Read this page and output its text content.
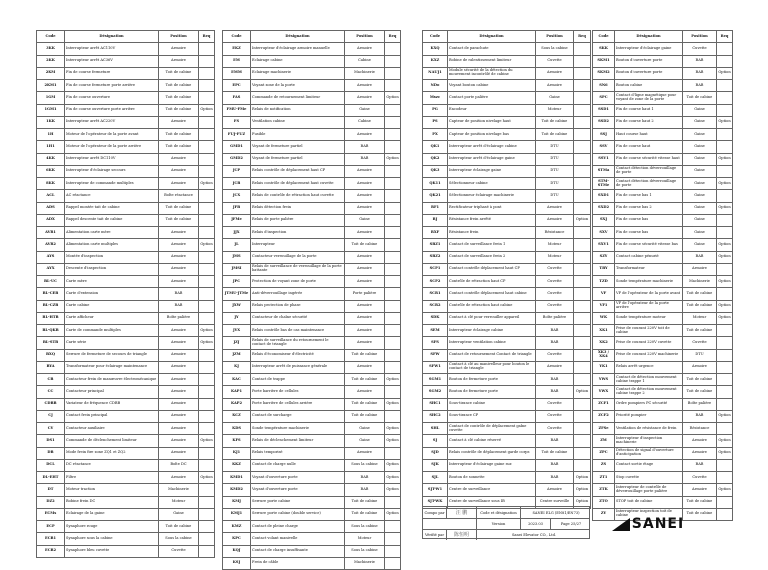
Code	Désignation	Position	Req
3KK	Interrupteur arrêt AC110V	Armoire	
2KK	Interrupteur arrêt AC36V	Armoire	
2KM	Fin de course fermeture	Toit de cabine	
2KM1	Fin de course fermeture porte arrière	Toit de cabine	
1GM	Fin de course ouverture	Toit de cabine	
1GM1	Fin de course ouverture porte arrière	Toit de cabine	Option
1KK	Interrupteur arrêt AC220V	Armoire	
1H	Moteur de l'opérateur de la porte avant	Toit de cabine	
1H1	Moteur de l'opérateur de la porte arrière	Toit de cabine	
4KK	Interrupteur arrêt DC110V	Armoire	
6KK	Interrupteur d'éclairage secours	Armoire	
8KK	Interrupteur de commande multiples	Armoire	Option
ACL	AC réactance	Boîte réactance	
ADS	Rappel montée tait de cabine	Toit de cabine	
ADX	Rappel descente tait de cabine	Toit de cabine	
AVR1	Alimentation carte mère	Armoire	
AVR2	Alimentation carte multiples	Armoire	Option
AYS	Montée d'inspection	Armoire	
AYX	Descente d'inspection	Armoire	
BL-UC	Carte mère	Armoire	
BL-CEB	Carte d'extension	BAB	
BL-CZB	Carte cabine	BAB	
BL-HTB	Carte afficheur	Boîte palière	
BL-QKB	Carte de commande multiples	Armoire	Option
BL-STB	Carte série	Armoire	Option
BXQ	Serrure de fermeture de secours de triangle	Armoire	
BYA	Transformateur pour éclairage maintenance	Armoire	
CB	Contacteur frein de manœuvre électromécanique	Armoire	
CC	Contacteur principal	Armoire	
CDBB	Variateur de fréquence CDBB	Armoire	
CJ	Contact frein principal	Armoire	
CY	Contacteur auxiliaire	Armoire	
DS1	Commande de déclenchement limiteur	Armoire	Option
DB	Mode frein fire zone ZQ1 et ZQ2	Armoire	
DCL	DC réactance	Boîte DC	
DL-EHT	Filtre	Armoire	Option
DT	Moteur traction	Machinerie	
DZ2	Bobine frein DC	Moteur	
ECMs	Eclairage de la gaine	Gaine	
ECP	Synaphore rouge	Toit de cabine	
ECR1	Synaphore sous la cabine	Sous la cabine	
ECR2	Synaphore bleu cuvette	Cuvette	
Code	Désignation	Position	Req
EKZ	Interrupteur d'éclairage armoire manuelle	Armoire	
EM	Eclairage cabine	Cabine	
EMM	Eclairage machinerie	Machinerie	
EPC	Voyant zone de la porte	Armoire	
FAS	Commande de retournement limiteur	Armoire	Option
FMU-FMe	Relais de notification	Gaine	
FS	Ventilation cabine	Cabine	
FUJ-FUZ	Fusible	Armoire	
GMD1	Voyant de fermeture partiel	BAB	
GMD2	Voyant de fermeture partiel	BAB	Option
JCP	Relais contrôle de déplacement haut CP	Armoire	
JCB	Relais contrôle de déplacement haut cuvette	Armoire	
JCX	Relais de contrôle de rétraction haut cuvette	Armoire	
JFB	Relais détection frein	Armoire	
JFMe	Relais de porte palière	Gaine	
JJX	Relais d'inspection	Armoire	
JL	Interrupteur	Toit de cabine	
JMS	Contacteur verrouillage de la porte	Armoire	
JMSI	Relais de surveillance de verrouillage de la porte battante	Armoire	
JPC	Protection de voyant zone de porte	Armoire	
JTMU-JTMe	Anti-déverrouillage ingérée	Porte palière	
JXW	Relais protection de phase	Armoire	
JY	Contacteur de chaîne sécurité	Armoire	
JYX	Relais contrôle bas de cas maintenance	Armoire	
JZJ	Relais de surveillance du retournement le contact de triangle	Armoire	
JZM	Relais d'économiseur d'électricité	Toit de cabine	
KJ	Interrupteur arrêt de puissance générale	Armoire	
KAC	Contact de trappe	Toit de cabine	Option
KAP1	Porte barrière de cellules	Armoire	
KAP2	Porte barrière de cellules arrière	Toit de cabine	Option
KCZ	Contact de surcharge	Toit de cabine	
KDS	Sonde température machinerie	Gaine	Option
KFS	Relais de déclenchement limiteur	Gaine	Option
KJ1	Relais temporisé	Armoire	
KKZ	Contact de charge nulle	Sous la cabine	Option
KMD1	Voyant d'ouverture porte	BAB	Option
KMD2	Voyant d'ouverture porte	BAB	Option
KMJ	Serrure porte cabine	Toit de cabine	
KMJ1	Serrure porte cabine (double service)	Toit de cabine	Option
KMZ	Contact de pleine charge	Sous la cabine	
KPC	Contact volant manivelle	Moteur	
KQJ	Contact de charge insuffisante	Sous la cabine	
KSJ	Frein de câble	Machinerie	
Code	Désignation	Position	Req
KXQ	Contact de parachute	Sous la cabine	
KXZ	Bobine de ralentissement limiteur	Cuvette	
NAUJ1	Module sécurité de la détection du mouvement incontrôlé de cabine	Armoire	
NDo	Voyant bouton cabine	Armoire	
Mxzc	Contact porte palière	Gaine	
PG	Encodeur	Moteur	
PS	Capteur de position nivelage haut	Toit de cabine	
PX	Capteur de position nivelage bas	Toit de cabine	
QK1	Interrupteur arrêt d'éclairage cabine	DTU	
QK2	Interrupteur arrêt d'éclairage gaine	DTU	
QK3	Interrupteur éclairage gaine	DTU	
QK11	Sélectionneur cabine	DTU	
QK21	Sélectionneur éclairage machinerie	DTU	
RF1	Rectificateur triphasé à pont	Armoire	
RJ	Résistance frein arrêté	Armoire	Option
RXF	Résistance frein	Résistance	
SBZ1	Contact de surveillance frein 1	Moteur	
SBZ2	Contact de surveillance frein 2	Moteur	
SCP1	Contact contrôle déplacement haut CP	Cuvette	
SCP2	Contrôle de rétraction haut CP	Cuvette	
SCR1	Contact contrôle déplacement haut cabine	Cuvette	
SCR2	Contrôle de rétraction haut cabine	Cuvette	
SDK	Contact à clé pour verrouiller appareil	Boîte palière	
SEM	Interrupteur éclairage cabine	BAB	
SFS	Interrupteur ventilation cabine	BAB	
SFW	Contact de retournement Contact de triangle	Cuvette	
SFW1	Contact à clé au manivelleur pour bouton le contact de triangle	Armoire	
SGM1	Bouton de fermeture porte	BAB	
SGM2	Bouton de fermeture porte	BAB	Option
SHC1	Sous-tirance cabine	Cuvette	
SHC2	Sous-tirance CP	Cuvette	
SHL	Contact de contrôle de déplacement gaîne cuvette	Cuvette	
SJ	Contact à clé cabine réservé	BAB	
SJD	Relais contrôle de déplacement garde corps	Toit de cabine	
SJK	Interrupteur d'éclairage gaine sur.	BAB	
SJL	Bouton de sonnette	BAB	Option
SJT-W1	Centre de surveillance	Armoire	Option
SJT-WK	Centre de surveillance sous IB	Centre surveille	Option
Code	Désignation	Position	Req
SKK	Interrupteur d'éclairage gaine	Cuvette	
SKM1	Bouton d'ouverture porte	BAB	
SKM2	Bouton d'ouverture porte	BAB	Option
SN6	Bouton cabine	BAB	
SPC	Contact d'ligne magnétique pour voyant de zone de la porte	Toit de cabine	
SSD1	Fin de course haut 1	Gaine	
SSD2	Fin de course haut 2	Gaine	Option
SSJ	Haut course haut	Gaine	
SSV	Fin de course haut	Gaine	
SSV1	Fin de course sécurité vitesse haut	Gaine	Option
STMa	Contact détection déverrouillage de porte	Gaine	
STM-STMe	Contact détection déverrouillage de porte	Gaine	Option
SXD1	Fin de course bas 1	Gaine	
SXD2	Fin de course bas 2	Gaine	Option
SXJ	Fin de course bas	Gaine	
SXV	Fin de course bas	Gaine	
SXV1	Fin de course sécurité vitesse bas	Gaine	Option
SZY	Contact cabine pénurié	BAB	Option
TBY	Transformateur	Armoire	
TZD	Sonde température machinerie	Machinerie	Option
VF	VF de l'opérateur de la porte avant	Toit de cabine	
VF1	VF de l'opérateur de la porte arrière	Toit de cabine	Option
WK	Sonde température moteur	Moteur	Option
XK1	Prise de courant 220V toit de cabine	Toit de cabine	
XK2	Prise de courant 220V cuvette	Cuvette	
XK3 / XK4	Prise de courant 220V machinerie	DTU	
YK1	Relais arrêt urgence	Armoire	
YWS	Contact de détection mouvement cabine trappe 1	Toit de cabine	
YWX	Contact de détection mouvement cabine trappe 2	Toit de cabine	
ZCF1	Ordre pompiers PC sécurité	Boîte palière	
ZCF2	Priorité pompier	BAB	Option
ZFSe	Ventilation de résistance de frein	Résistance	
ZM	Interrupteur d'inspection machinerie	Armoire	Option
ZPC	Détection de signal d'ouverture d'anticipation	Armoire	Option
ZS	Contact sortie étage	BAB	
ZT1	Stop cuvette	Cuvette	
ZTK	Interrupteur de contrôle de déverrouillage porte palière	Armoire	Option
ZTO	STOP toit de cabine	Toit de cabine	
ZY	Interrupteur inspection toit de cabine	Toit de cabine	
Compo par	汪 鹏	Code et désignation	SANEI ELG (EN81/EN73)
Version	2023.03	Page 25/27
Vérifié par	陈恒明	Sanei Elevator CO., Ltd.
SANEI
